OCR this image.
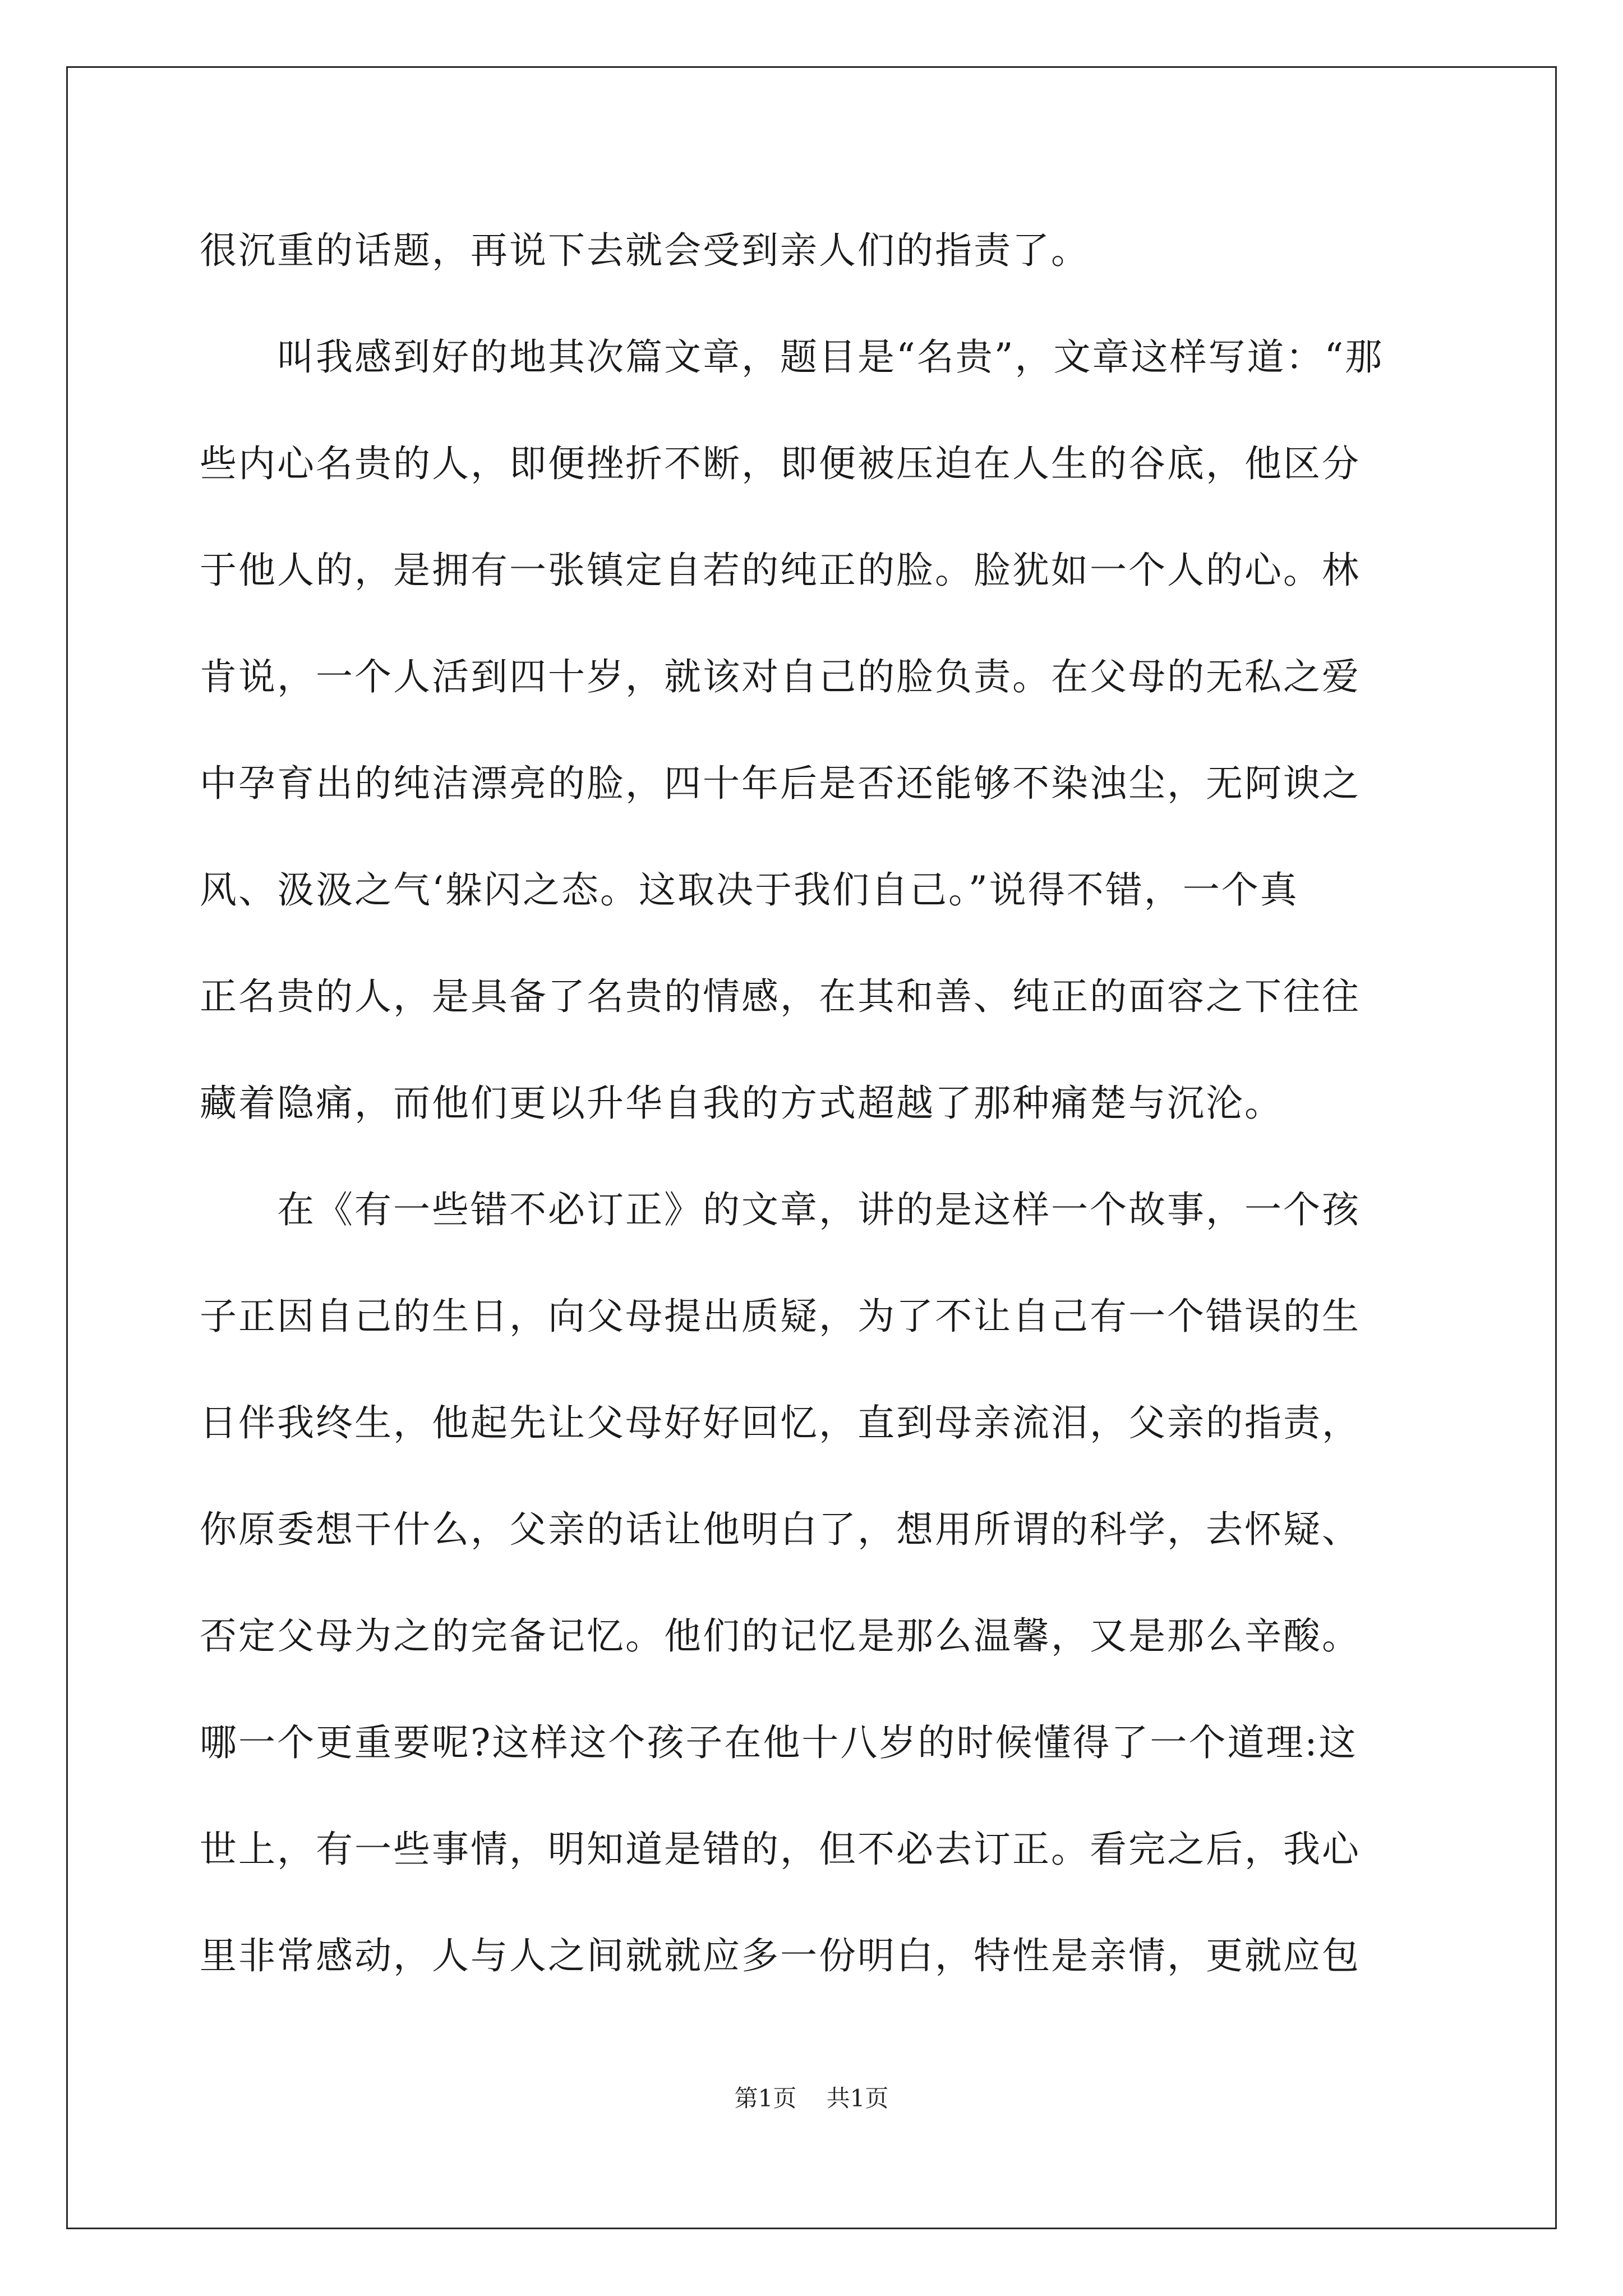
很沉重的话题，再说下去就会受到亲人们的指责了。
　　叫我感到好的地其次篇文章，题目是“名贵”，文章这样写道：“那
些内心名贵的人，即便挫折不断，即便被压迫在人生的谷底，他区分
于他人的，是拥有一张镇定自若的纯正的脸。脸犹如一个人的心。林
肯说，一个人活到四十岁，就该对自己的脸负责。在父母的无私之爱
中孕育出的纯洁漂亮的脸，四十年后是否还能够不染浊尘，无阿谀之
风、汲汲之气‘躲闪之态。这取决于我们自己。”说得不错，一个真
正名贵的人，是具备了名贵的情感，在其和善、纯正的面容之下往往
藏着隐痛，而他们更以升华自我的方式超越了那种痛楚与沉沦。
　　在《有一些错不必订正》的文章，讲的是这样一个故事，一个孩
子正因自己的生日，向父母提出质疑，为了不让自己有一个错误的生
日伴我终生，他起先让父母好好回忆，直到母亲流泪，父亲的指责，
你原委想干什么，父亲的话让他明白了，想用所谓的科学，去怀疑、
否定父母为之的完备记忆。他们的记忆是那么温馨，又是那么辛酸。
哪一个更重要呢?这样这个孩子在他十八岁的时候懂得了一个道理:这
世上，有一些事情，明知道是错的，但不必去订正。看完之后，我心
里非常感动，人与人之间就就应多一份明白，特性是亲情，更就应包
第1页 共1页
